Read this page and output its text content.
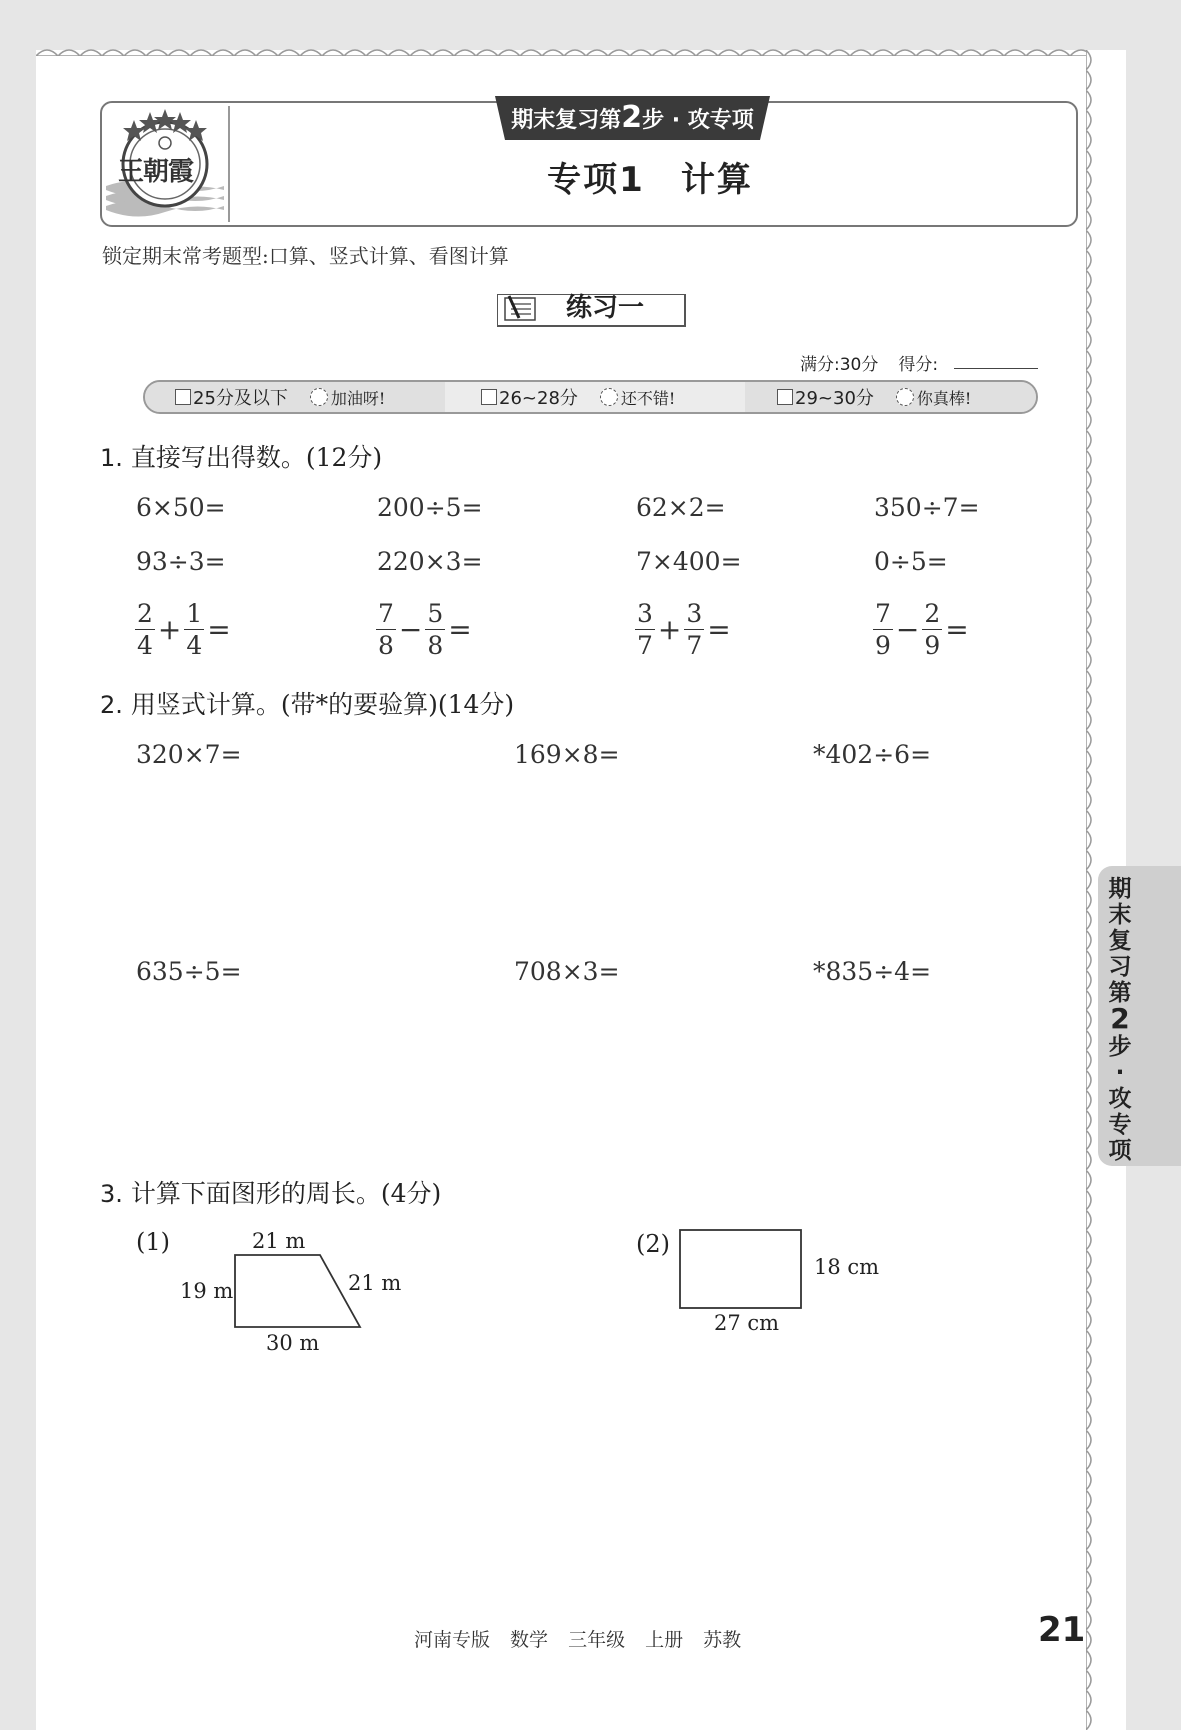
期末复习第2步 · 攻专项
王朝霞	专项1 计算
锁定期末常考题型:口算、竖式计算、看图计算
练习一
满分:30分 得分:
25分及以下	加油呀!	26~28分	还不错!	29~30分	你真棒!
1. 直接写出得数。(12分)
6×50=	200÷5=	62×2=	350÷7=
93÷3=	220×3=	7×400=	0÷5=
$\frac{2}{4} + \frac{1}{4}$ =	$\frac{7}{8} - \frac{5}{8}$ =	$\frac{3}{7} + \frac{3}{7}$ =	$\frac{7}{9} - \frac{2}{9}$ =
2. 用竖式计算。(带*的要验算)(14分)
320×7=	169×8=	*402÷6=
635÷5=	708×3=	*835÷4=
3. 计算下面图形的周长。(4分)
(1)	21 m
19 m	21 m
30 m
(2)
18 cm
27 cm
期末复习第2步·攻专项
河南专版 数学 三年级 上册 苏教	21
